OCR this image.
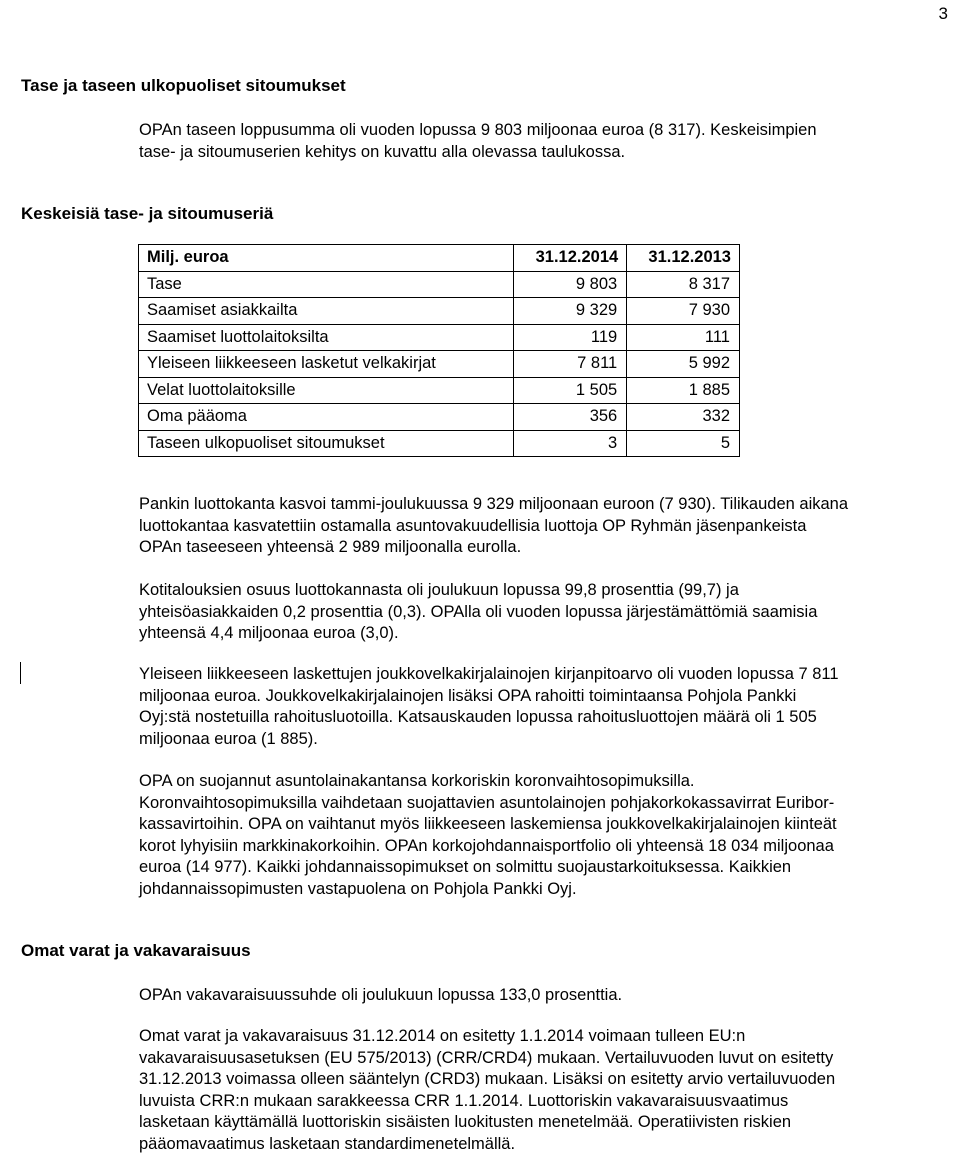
3
Tase ja taseen ulkopuoliset sitoumukset

OPAn taseen loppusumma oli vuoden lopussa 9 803 miljoonaa euroa (8 317). Keskeisimpien
tase- ja sitoumuserien kehitys on kuvattu alla olevassa taulukossa.

Keskeisiä tase- ja sitoumuseriä
Milj. euroa	31.12.2014	31.12.2013
Tase	9 803	8 317
Saamiset asiakkailta	9 329	7 930
Saamiset luottolaitoksilta	119	111
Yleiseen liikkeeseen lasketut velkakirjat	7 811	5 992
Velat luottolaitoksille	1 505	1 885
Oma pääoma	356	332
Taseen ulkopuoliset sitoumukset	3	5

Pankin luottokanta kasvoi tammi-joulukuussa 9 329 miljoonaan euroon (7 930). Tilikauden aikana
luottokantaa kasvatettiin ostamalla asuntovakuudellisia luottoja OP Ryhmän jäsenpankeista
OPAn taseeseen yhteensä 2 989 miljoonalla eurolla.

Kotitalouksien osuus luottokannasta oli joulukuun lopussa 99,8 prosenttia (99,7) ja
yhteisöasiakkaiden 0,2 prosenttia (0,3). OPAlla oli vuoden lopussa järjestämättömiä saamisia
yhteensä 4,4 miljoonaa euroa (3,0).

Yleiseen liikkeeseen laskettujen joukkovelkakirjalainojen kirjanpitoarvo oli vuoden lopussa 7 811
miljoonaa euroa. Joukkovelkakirjalainojen lisäksi OPA rahoitti toimintaansa Pohjola Pankki
Oyj:stä nostetuilla rahoitusluotoilla. Katsauskauden lopussa rahoitusluottojen määrä oli 1 505
miljoonaa euroa (1 885).

OPA on suojannut asuntolainakantansa korkoriskin koronvaihtosopimuksilla.
Koronvaihtosopimuksilla vaihdetaan suojattavien asuntolainojen pohjakorkokassavirrat Euribor-
kassavirtoihin. OPA on vaihtanut myös liikkeeseen laskemiensa joukkovelkakirjalainojen kiinteät
korot lyhyisiin markkinakorkoihin. OPAn korkojohdannaisportfolio oli yhteensä 18 034 miljoonaa
euroa (14 977). Kaikki johdannaissopimukset on solmittu suojaustarkoituksessa. Kaikkien
johdannaissopimusten vastapuolena on Pohjola Pankki Oyj.

Omat varat ja vakavaraisuus

OPAn vakavaraisuussuhde oli joulukuun lopussa 133,0 prosenttia.

Omat varat ja vakavaraisuus 31.12.2014 on esitetty 1.1.2014 voimaan tulleen EU:n
vakavaraisuusasetuksen (EU 575/2013) (CRR/CRD4) mukaan. Vertailuvuoden luvut on esitetty
31.12.2013 voimassa olleen sääntelyn (CRD3) mukaan. Lisäksi on esitetty arvio vertailuvuoden
luvuista CRR:n mukaan sarakkeessa CRR 1.1.2014. Luottoriskin vakavaraisuusvaatimus
lasketaan käyttämällä luottoriskin sisäisten luokitusten menetelmää. Operatiivisten riskien
pääomavaatimus lasketaan standardimenetelmällä.
